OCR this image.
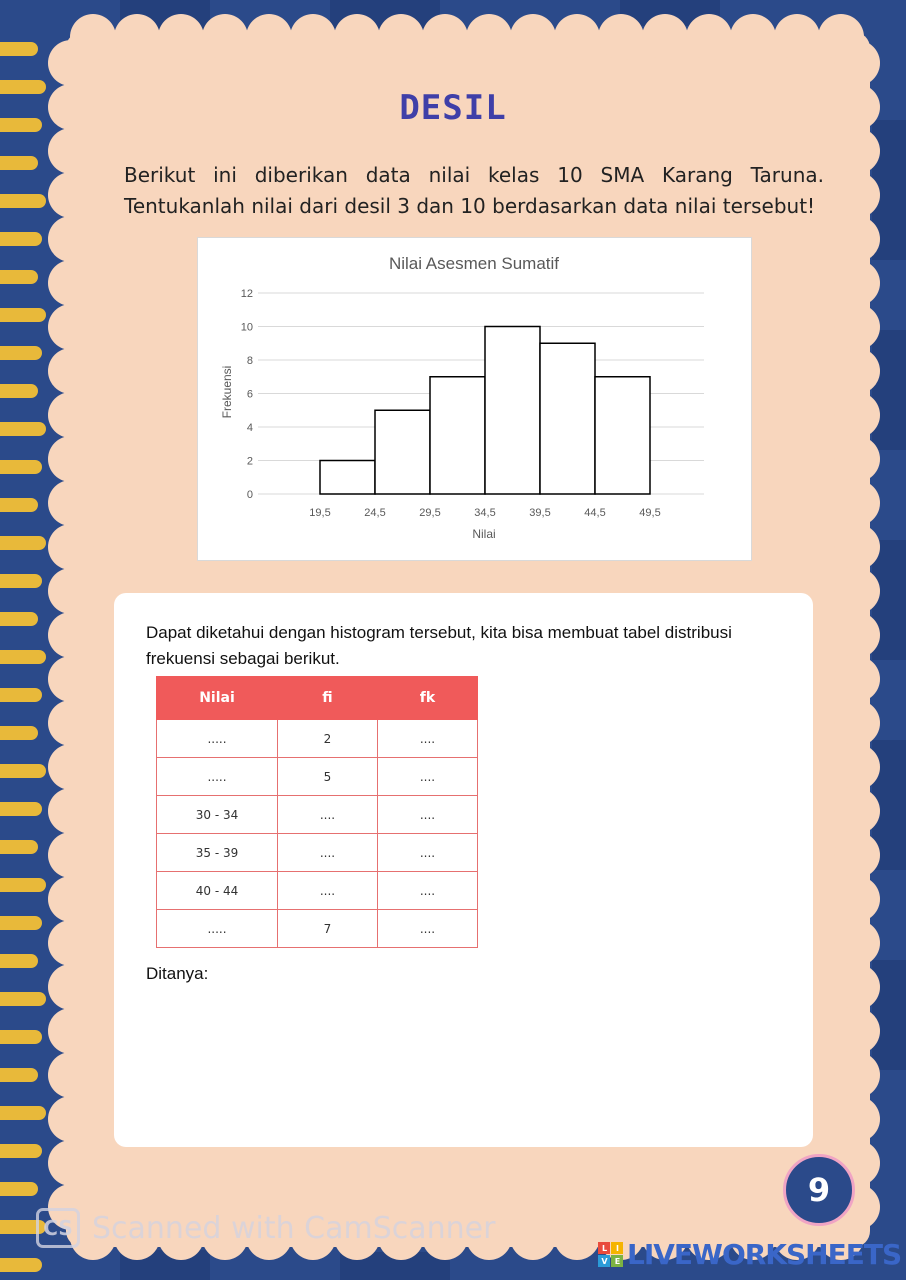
DESIL
Berikut ini diberikan data nilai kelas 10 SMA Karang Taruna. Tentukanlah nilai dari desil 3 dan 10 berdasarkan data nilai tersebut!
Nilai Asesmen Sumatif
Frekuensi
Nilai
0
2
4
6
8
10
12
19,5	24,5	29,5	34,5	39,5	44,5	49,5
Dapat diketahui dengan histogram tersebut, kita bisa membuat tabel distribusi frekuensi sebagai berikut.
Nilai	fi	fk
.....	2	....
.....	5	....
30 - 34	....	....
35 - 39	....	....
40 - 44	....	....
.....	7	....
Ditanya:
9
CS Scanned with CamScanner
L	I
V	E LIVEWORKSHEETS
